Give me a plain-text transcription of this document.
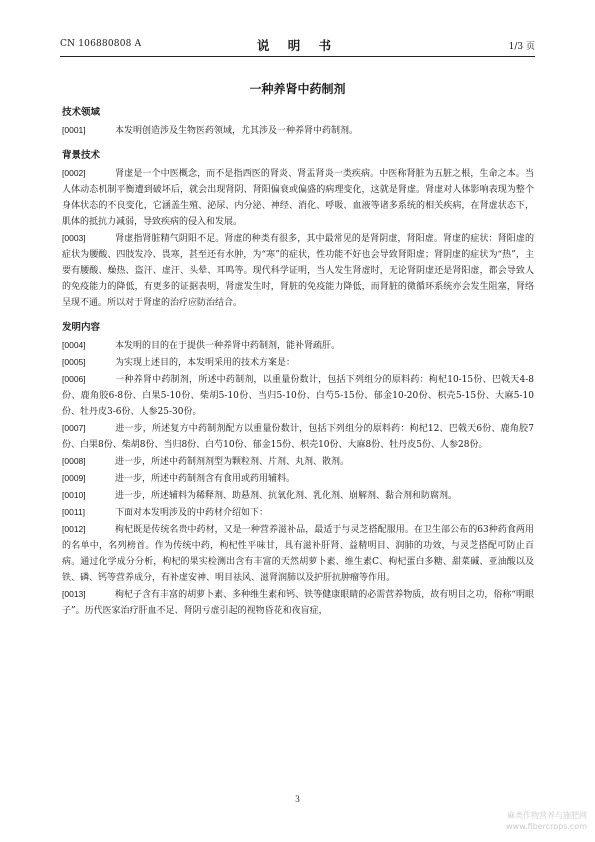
CN 106880808 A	说 明 书	1/3 页
一种养肾中药制剂
技术领域
[0001]	本发明创造涉及生物医药领域，尤其涉及一种养肾中药制剂。
背景技术
[0002]	肾虚是一个中医概念，而不是指西医的肾炎、肾盂肾炎一类疾病。中医称肾脏为五脏之根，生命之本。当人体动态机制平衡遭到破坏后，就会出现肾阴、肾阳偏衰或偏盛的病理变化，这就是肾虚。肾虚对人体影响表现为整个身体状态的不良变化，它涵盖生殖、泌尿、内分泌、神经、消化、呼吸、血液等诸多系统的相关疾病，在肾虚状态下，肌体的抵抗力减弱，导致疾病的侵入和发展。
[0003]	肾虚指肾脏精气阴阳不足。肾虚的种类有很多，其中最常见的是肾阴虚，肾阳虚。肾虚的症状：肾阳虚的症状为腰酸、四肢发冷、畏寒，甚至还有水肿，为“寒”的症状，性功能不好也会导致肾阳虚；肾阴虚的症状为“热”，主要有腰酸、燥热、盗汗、虚汗、头晕、耳鸣等。现代科学证明，当人发生肾虚时，无论肾阴虚还是肾阳虚，都会导致人的免疫能力的降低，有更多的证据表明，肾虚发生时，肾脏的免疫能力降低，而肾脏的微循环系统亦会发生阻塞，肾络呈现不通。所以对于肾虚的治疗应防治结合。
发明内容
[0004]	本发明的目的在于提供一种养肾中药制剂，能补肾疏肝。
[0005]	为实现上述目的，本发明采用的技术方案是：
[0006]	一种养肾中药制剂，所述中药制剂，以重量份数计，包括下列组分的原料药：枸杞10-15份、巴戟天4-8份、鹿角胶6-8份、白果5-10份、柴胡5-10份、当归5-10份、白芍5-15份、郁金10-20份、枳壳5-15份、大麻5-10份、牡丹皮3-6份、人参25-30份。
[0007]	进一步，所述复方中药制剂配方以重量份数计，包括下列组分的原料药：枸杞12、巴戟天6份、鹿角胶7份、白果8份、柴胡8份、当归8份、白芍10份、郁金15份、枳壳10份、大麻8份、牡丹皮5份、人参28份。
[0008]	进一步，所述中药制剂剂型为颗粒剂、片剂、丸剂、散剂。
[0009]	进一步，所述中药制剂含有食用或药用辅料。
[0010]	进一步，所述辅料为稀释剂、助悬剂、抗氧化剂、乳化剂、崩解剂、黏合剂和防腐剂。
[0011]	下面对本发明涉及的中药材介绍如下：
[0012]	枸杞既是传统名贵中药材，又是一种营养滋补品，最适于与灵芝搭配服用。在卫生部公布的63种药食两用的名单中，名列榜首。作为传统中药，枸杞性平味甘，具有滋补肝肾、益精明目、润肺的功效，与灵芝搭配可防止百病。通过化学成分分析，枸杞的果实检测出含有丰富的天然胡萝卜素、维生素C、枸杞蛋白多糖、甜菜碱、亚油酸以及铁、磷、钙等营养成分，有补虚安神、明目祛风、滋肾润肺以及护肝抗肿瘤等作用。
[0013]	枸杞子含有丰富的胡萝卜素、多种维生素和钙、铁等健康眼睛的必需营养物质，故有明目之功，俗称“明眼子”。历代医家治疗肝血不足、肾阴亏虚引起的视物昏花和夜盲症，
3
麻类作物营养与施肥网
www.fibercrops.com
